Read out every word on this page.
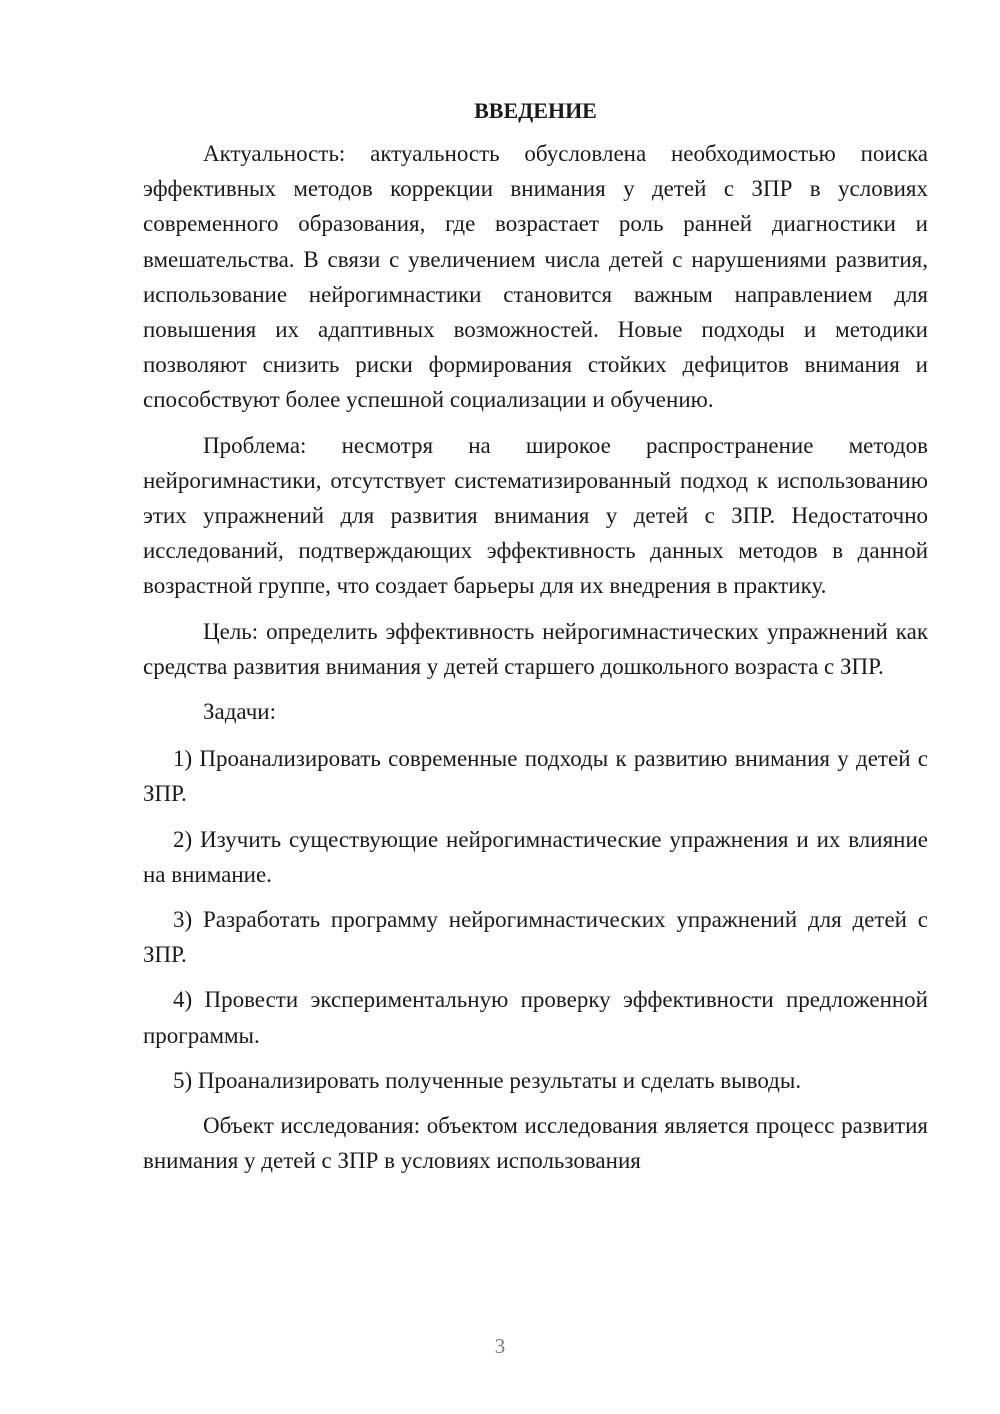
ВВЕДЕНИЕ

Актуальность: актуальность обусловлена необходимостью поиска эффективных методов коррекции внимания у детей с ЗПР в условиях современного образования, где возрастает роль ранней диагностики и вмешательства. В связи с увеличением числа детей с нарушениями развития, использование нейрогимнастики становится важным направлением для повышения их адаптивных возможностей. Новые подходы и методики позволяют снизить риски формирования стойких дефицитов внимания и способствуют более успешной социализации и обучению.

Проблема: несмотря на широкое распространение методов нейрогимнастики, отсутствует систематизированный подход к использованию этих упражнений для развития внимания у детей с ЗПР. Недостаточно исследований, подтверждающих эффективность данных методов в данной возрастной группе, что создает барьеры для их внедрения в практику.

Цель: определить эффективность нейрогимнастических упражнений как средства развития внимания у детей старшего дошкольного возраста с ЗПР.

Задачи:

1) Проанализировать современные подходы к развитию внимания у детей с ЗПР.

2) Изучить существующие нейрогимнастические упражнения и их влияние на внимание.

3) Разработать программу нейрогимнастических упражнений для детей с ЗПР.

4) Провести экспериментальную проверку эффективности предложенной программы.

5) Проанализировать полученные результаты и сделать выводы.

Объект исследования: объектом исследования является процесс развития внимания у детей с ЗПР в условиях использования

3
